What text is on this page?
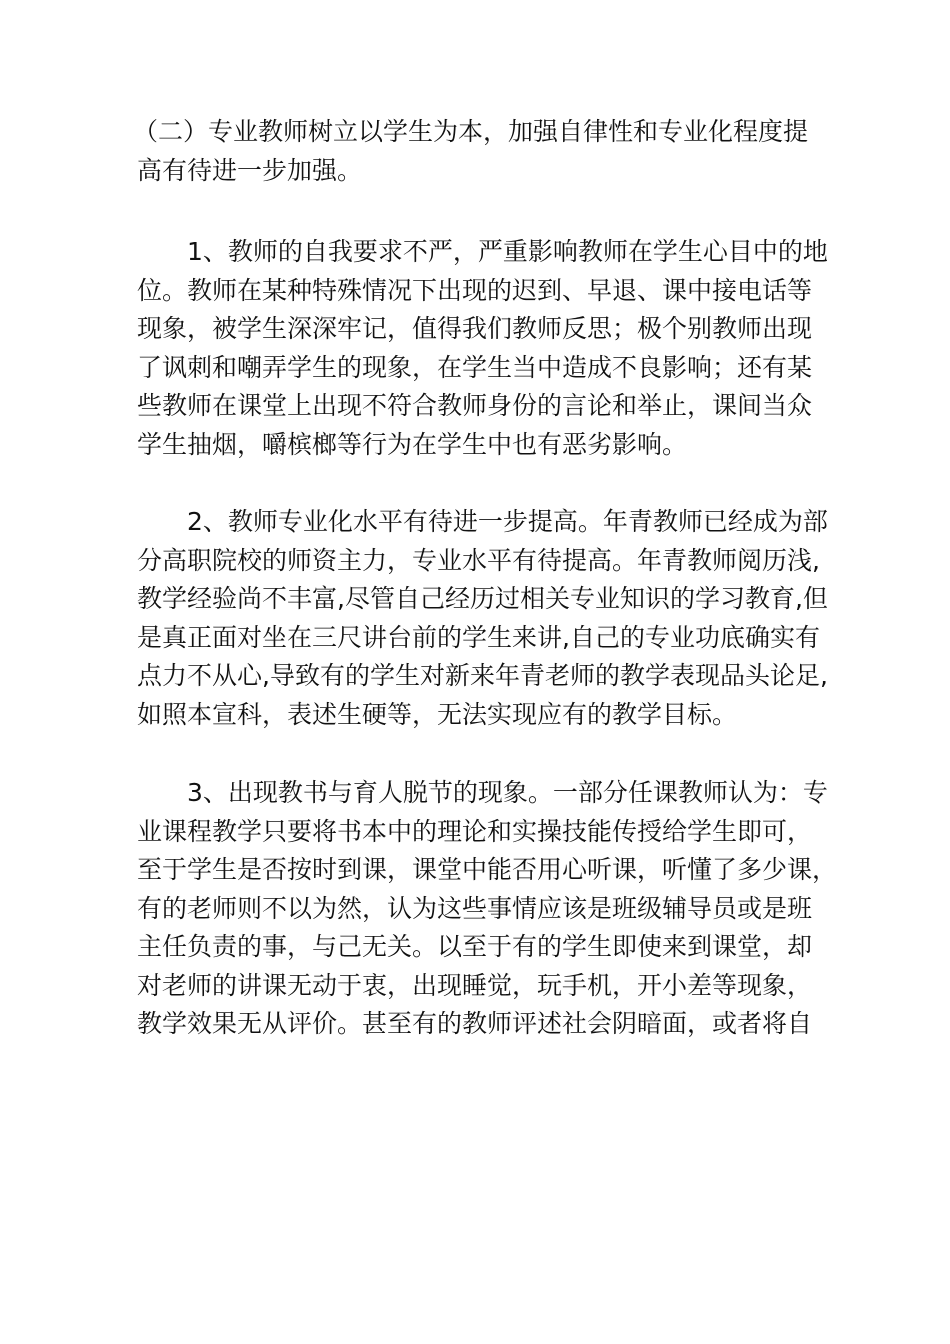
（二）专业教师树立以学生为本，加强自律性和专业化程度提
高有待进一步加强。

1、教师的自我要求不严，严重影响教师在学生心目中的地
位。教师在某种特殊情况下出现的迟到、早退、课中接电话等
现象，被学生深深牢记，值得我们教师反思；极个别教师出现
了讽刺和嘲弄学生的现象，在学生当中造成不良影响；还有某
些教师在课堂上出现不符合教师身份的言论和举止，课间当众
学生抽烟，嚼槟榔等行为在学生中也有恶劣影响。

2、教师专业化水平有待进一步提高。年青教师已经成为部
分高职院校的师资主力，专业水平有待提高。年青教师阅历浅,
教学经验尚不丰富,尽管自己经历过相关专业知识的学习教育,但
是真正面对坐在三尺讲台前的学生来讲,自己的专业功底确实有
点力不从心,导致有的学生对新来年青老师的教学表现品头论足,
如照本宣科，表述生硬等，无法实现应有的教学目标。

3、出现教书与育人脱节的现象。一部分任课教师认为：专
业课程教学只要将书本中的理论和实操技能传授给学生即可，
至于学生是否按时到课，课堂中能否用心听课，听懂了多少课，
有的老师则不以为然，认为这些事情应该是班级辅导员或是班
主任负责的事，与己无关。以至于有的学生即使来到课堂，却
对老师的讲课无动于衷，出现睡觉，玩手机，开小差等现象，
教学效果无从评价。甚至有的教师评述社会阴暗面，或者将自
